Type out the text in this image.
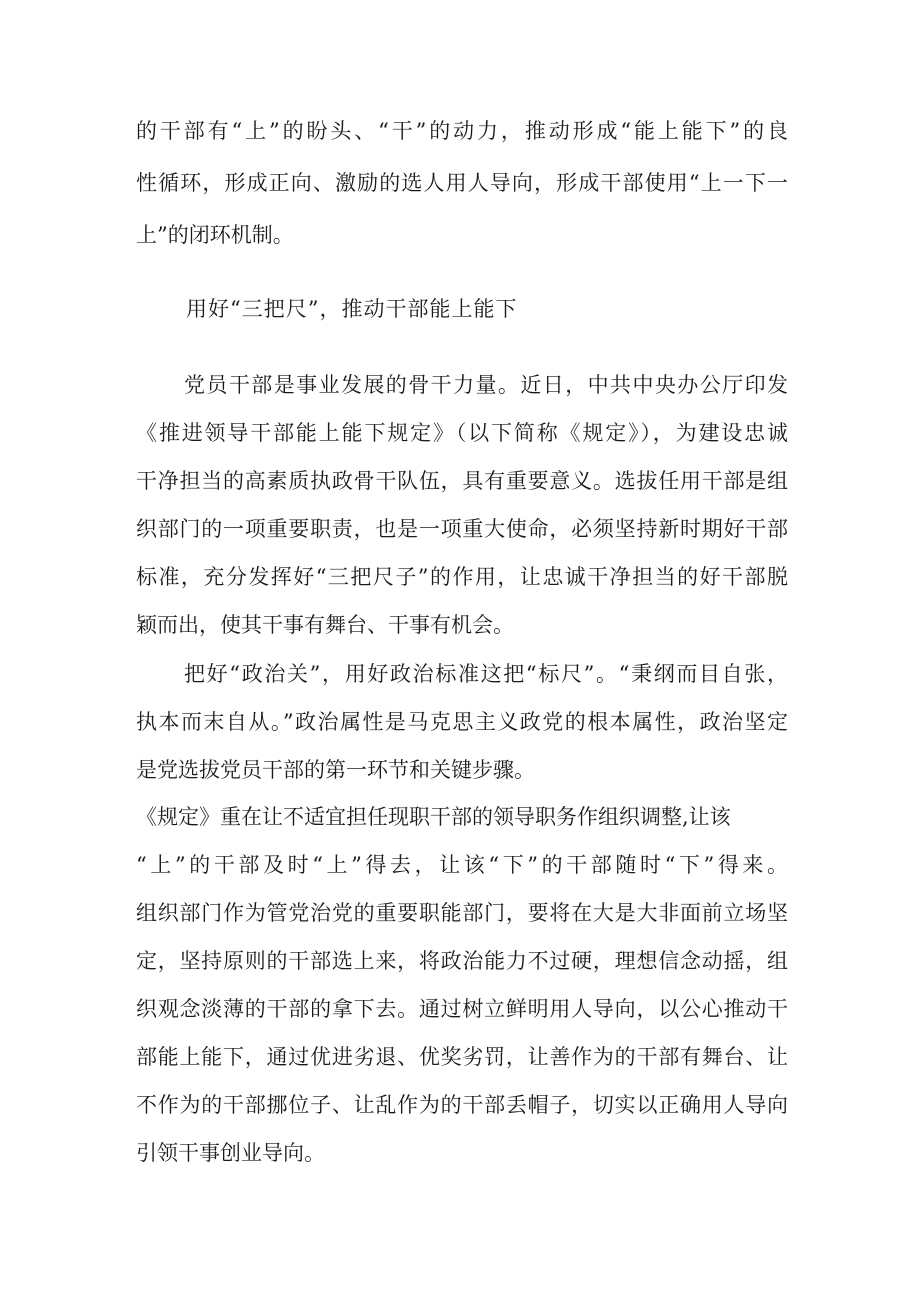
的干部有“上”的盼头、“干”的动力，推动形成“能上能下”的良
性循环，形成正向、激励的选人用人导向，形成干部使用“上一下一
上”的闭环机制。
用好“三把尺”，推动干部能上能下
党员干部是事业发展的骨干力量。近日，中共中央办公厅印发
《推进领导干部能上能下规定》（以下简称《规定》），为建设忠诚
干净担当的高素质执政骨干队伍，具有重要意义。选拔任用干部是组
织部门的一项重要职责，也是一项重大使命，必须坚持新时期好干部
标准，充分发挥好“三把尺子”的作用，让忠诚干净担当的好干部脱
颖而出，使其干事有舞台、干事有机会。
把好“政治关”，用好政治标准这把“标尺”。“秉纲而目自张，
执本而末自从。”政治属性是马克思主义政党的根本属性，政治坚定
是党选拔党员干部的第一环节和关键步骤。
《规定》重在让不适宜担任现职干部的领导职务作组织调整,让该
“上”的干部及时“上”得去，让该“下”的干部随时“下”得来。
组织部门作为管党治党的重要职能部门，要将在大是大非面前立场坚
定，坚持原则的干部选上来，将政治能力不过硬，理想信念动摇，组
织观念淡薄的干部的拿下去。通过树立鲜明用人导向，以公心推动干
部能上能下，通过优进劣退、优奖劣罚，让善作为的干部有舞台、让
不作为的干部挪位子、让乱作为的干部丢帽子，切实以正确用人导向
引领干事创业导向。
